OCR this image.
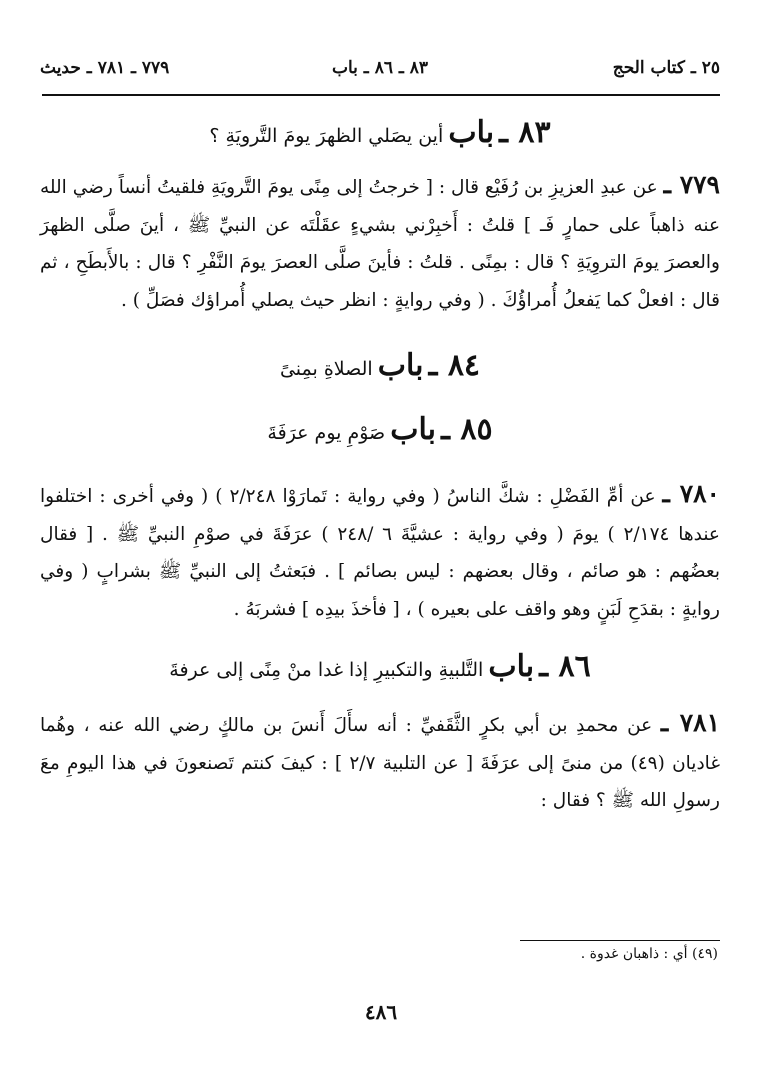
٢٥ ـ كتاب الحج
٨٣ ـ ٨٦ ـ باب
٧٧٩ ـ ٧٨١ ـ حديث
٨٣ ـ باب أين يصَلي الظهرَ يومَ التَّرويَةِ ؟

٧٧٩ ـ عن عبدِ العزيزِ بن رُفَيْع قال : [ خرجتُ إلى مِنًى يومَ التَّرويَةِ فلقيتُ أنساً رضي الله عنه ذاهباً على حمارٍ فَـ ] قلتُ : أَخبِرْني بشيءٍ عقَلْتَه عن النبيِّ ﷺ ، أينَ صلَّى الظهرَ والعصرَ يومَ التروِيَةِ ؟ قال : بمِنًى . قلتُ : فأينَ صلَّى العصرَ يومَ النَّفْرِ ؟ قال : بالأَبطَحِ ، ثم قال : افعلْ كما يَفعلُ أُمراؤُكَ . ( وفي روايةٍ : انظر حيث يصلي أُمراؤك فصَلِّ ) .

٨٤ ـ باب الصلاةِ بمِنىً
٨٥ ـ باب صَوْمِ يوم عرَفَةَ

٧٨٠ ـ عن أمِّ الفَضْلِ : شكَّ الناسُ ( وفي رواية : تَمارَوْا ٢/٢٤٨ ) ( وفي أخرى : اختلفوا عندها ٢/١٧٤ ) يومَ ( وفي رواية : عشيَّةَ ٦ /٢٤٨ ) عرَفَةَ في صوْمِ النبيِّ ﷺ . [ فقال بعضُهم : هو صائم ، وقال بعضهم : ليس بصائم ] . فبَعثتُ إلى النبيِّ ﷺ بشرابٍ ( وفي روايةٍ : بقدَحِ لَبَنٍ وهو واقف على بعيره ) ، [ فأخذَ بيدِه ] فشربَهُ .

٨٦ ـ باب التَّلبيةِ والتكبيرِ إذا غدا منْ مِنًى إلى عرفةَ

٧٨١ ـ عن محمدِ بن أبي بكرٍ الثَّقَفيِّ : أنه سأَلَ أَنسَ بن مالكٍ رضي الله عنه ، وهُما غاديان (٤٩) من منىً إلى عرَفَةَ [ عن التلبية ٢/٧ ] : كيفَ كنتم تَصنعونَ في هذا اليومِ معَ رسولِ الله ﷺ ؟ فقال :

(٤٩) أي : ذاهبان غدوة .
٤٨٦
